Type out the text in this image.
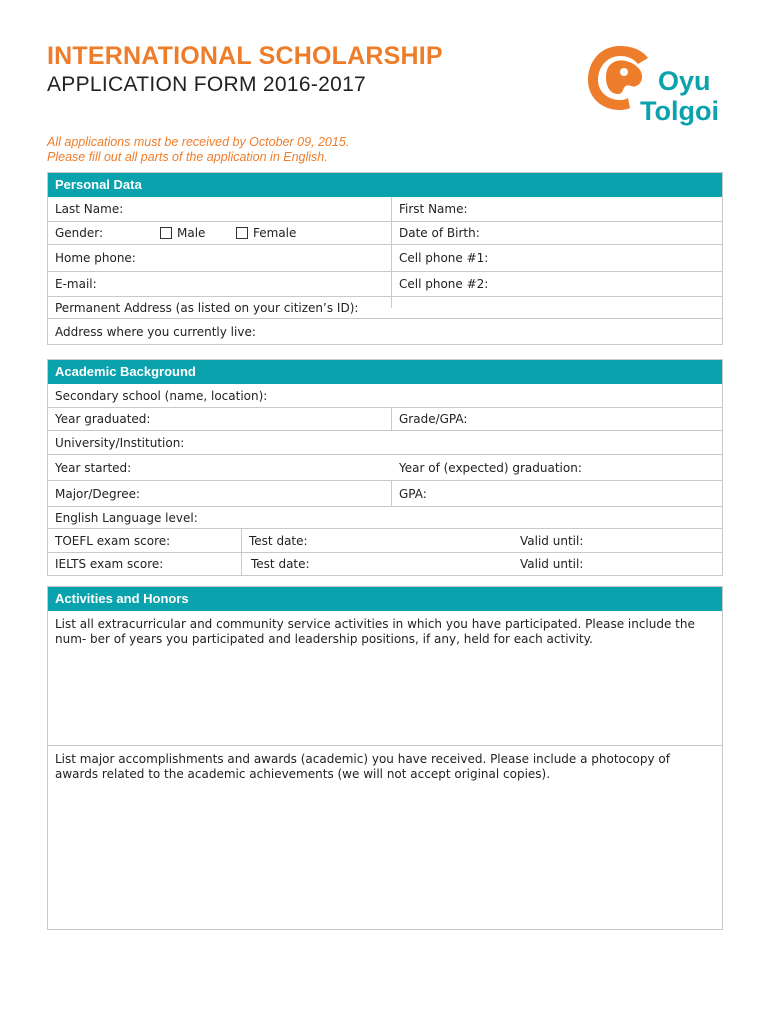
INTERNATIONAL SCHOLARSHIP
APPLICATION FORM 2016-2017
All applications must be received by October 09, 2015.
Please fill out all parts of the application in English.
Oyu
Tolgoi
Personal Data
Last Name:	First Name:
Gender:	Male	Female	Date of Birth:
Home phone:	Cell phone #1:
E-mail:	Cell phone #2:
Permanent Address (as listed on your citizen’s ID):
Address where you currently live:
Academic Background
Secondary school (name, location):
Year graduated:	Grade/GPA:
University/Institution:
Year started:	Year of (expected) graduation:
Major/Degree:	GPA:
English Language level:
TOEFL exam score:	Test date:	Valid until:
IELTS exam score:	Test date:	Valid until:
Activities and Honors
List all extracurricular and community service activities in which you have participated. Please include the num- ber of years you participated and leadership positions, if any, held for each activity.
List major accomplishments and awards (academic) you have received. Please include a photocopy of awards related to the academic achievements (we will not accept original copies).
